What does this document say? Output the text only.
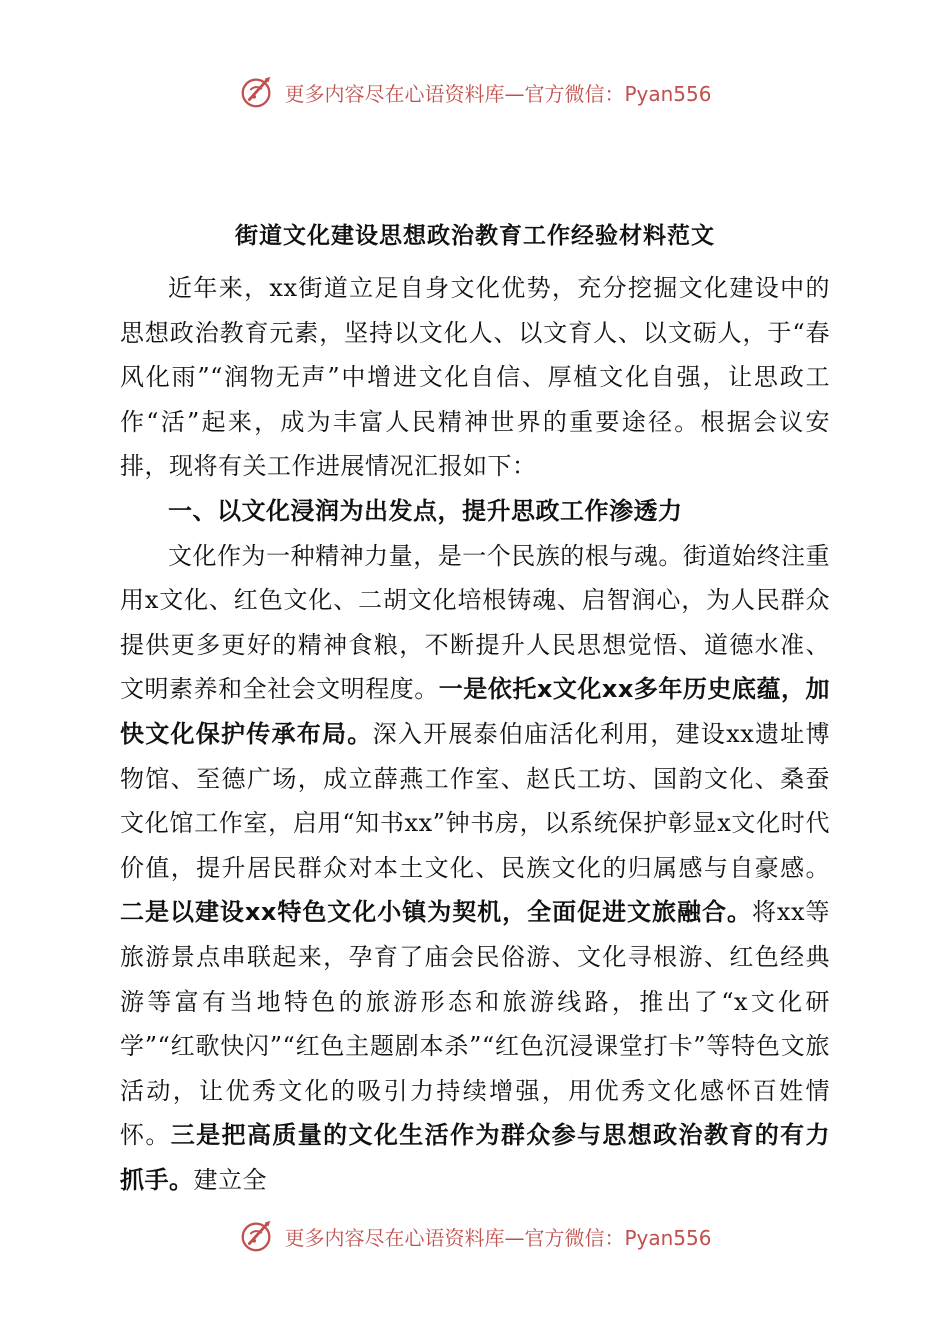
更多内容尽在心语资料库—官方微信：Pyan556
街道文化建设思想政治教育工作经验材料范文

近年来，xx街道立足自身文化优势，充分挖掘文化建设中的思想政治教育元素，坚持以文化人、以文育人、以文砺人，于“春风化雨”“润物无声”中增进文化自信、厚植文化自强，让思政工作“活”起来，成为丰富人民精神世界的重要途径。根据会议安排，现将有关工作进展情况汇报如下：

一、以文化浸润为出发点，提升思政工作渗透力

文化作为一种精神力量，是一个民族的根与魂。街道始终注重用x文化、红色文化、二胡文化培根铸魂、启智润心，为人民群众提供更多更好的精神食粮，不断提升人民思想觉悟、道德水准、文明素养和全社会文明程度。一是依托x文化xx多年历史底蕴，加快文化保护传承布局。深入开展泰伯庙活化利用，建设xx遗址博物馆、至德广场，成立薛燕工作室、赵氏工坊、国韵文化、桑蚕文化馆工作室，启用“知书xx”钟书房，以系统保护彰显x文化时代价值，提升居民群众对本土文化、民族文化的归属感与自豪感。二是以建设xx特色文化小镇为契机，全面促进文旅融合。将xx等旅游景点串联起来，孕育了庙会民俗游、文化寻根游、红色经典游等富有当地特色的旅游形态和旅游线路，推出了“x文化研学”“红歌快闪”“红色主题剧本杀”“红色沉浸课堂打卡”等特色文旅活动，让优秀文化的吸引力持续增强，用优秀文化感怀百姓情怀。三是把高质量的文化生活作为群众参与思想政治教育的有力抓手。建立全

更多内容尽在心语资料库—官方微信：Pyan556
